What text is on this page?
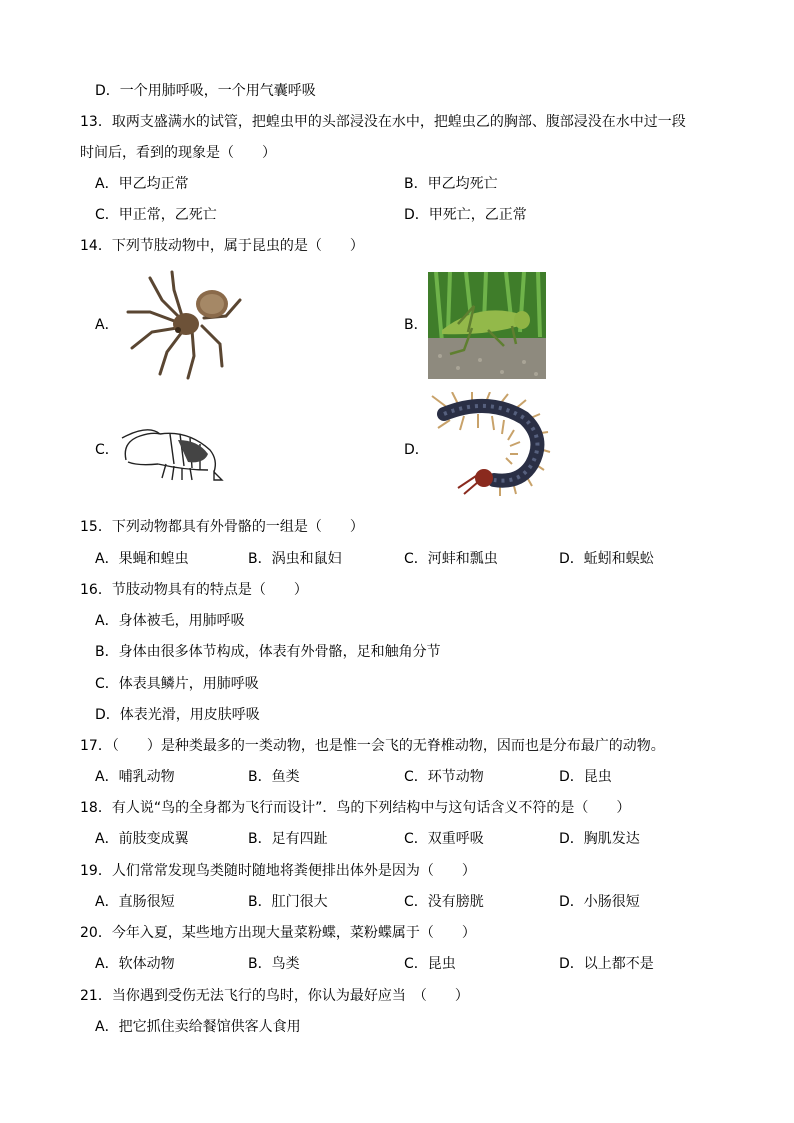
D．一个用肺呼吸，一个用气囊呼吸
13．取两支盛满水的试管，把蝗虫甲的头部浸没在水中，把蝗虫乙的胸部、腹部浸没在水中过一段
时间后，看到的现象是（　　）
A．甲乙均正常	B．甲乙均死亡
C．甲正常，乙死亡	D．甲死亡，乙正常
14．下列节肢动物中，属于昆虫的是（　　）
A．	B．
C．	D．
15．下列动物都具有外骨骼的一组是（　　）
A．果蝇和蝗虫	B．涡虫和鼠妇	C．河蚌和瓢虫	D．蚯蚓和蜈蚣
16．节肢动物具有的特点是（　　）
A．身体被毛，用肺呼吸
B．身体由很多体节构成，体表有外骨骼，足和触角分节
C．体表具鳞片，用肺呼吸
D．体表光滑，用皮肤呼吸
17．（　　）是种类最多的一类动物，也是惟一会飞的无脊椎动物，因而也是分布最广的动物。
A．哺乳动物	B．鱼类	C．环节动物	D．昆虫
18．有人说“鸟的全身都为飞行而设计”．鸟的下列结构中与这句话含义不符的是（　　）
A．前肢变成翼	B．足有四趾	C．双重呼吸	D．胸肌发达
19．人们常常发现鸟类随时随地将粪便排出体外是因为（　　）
A．直肠很短	B．肛门很大	C．没有膀胱	D．小肠很短
20．今年入夏，某些地方出现大量菜粉蝶，菜粉蝶属于（　　）
A．软体动物	B．鸟类	C．昆虫	D．以上都不是
21．当你遇到受伤无法飞行的鸟时，你认为最好应当　（　　）
A．把它抓住卖给餐馆供客人食用
